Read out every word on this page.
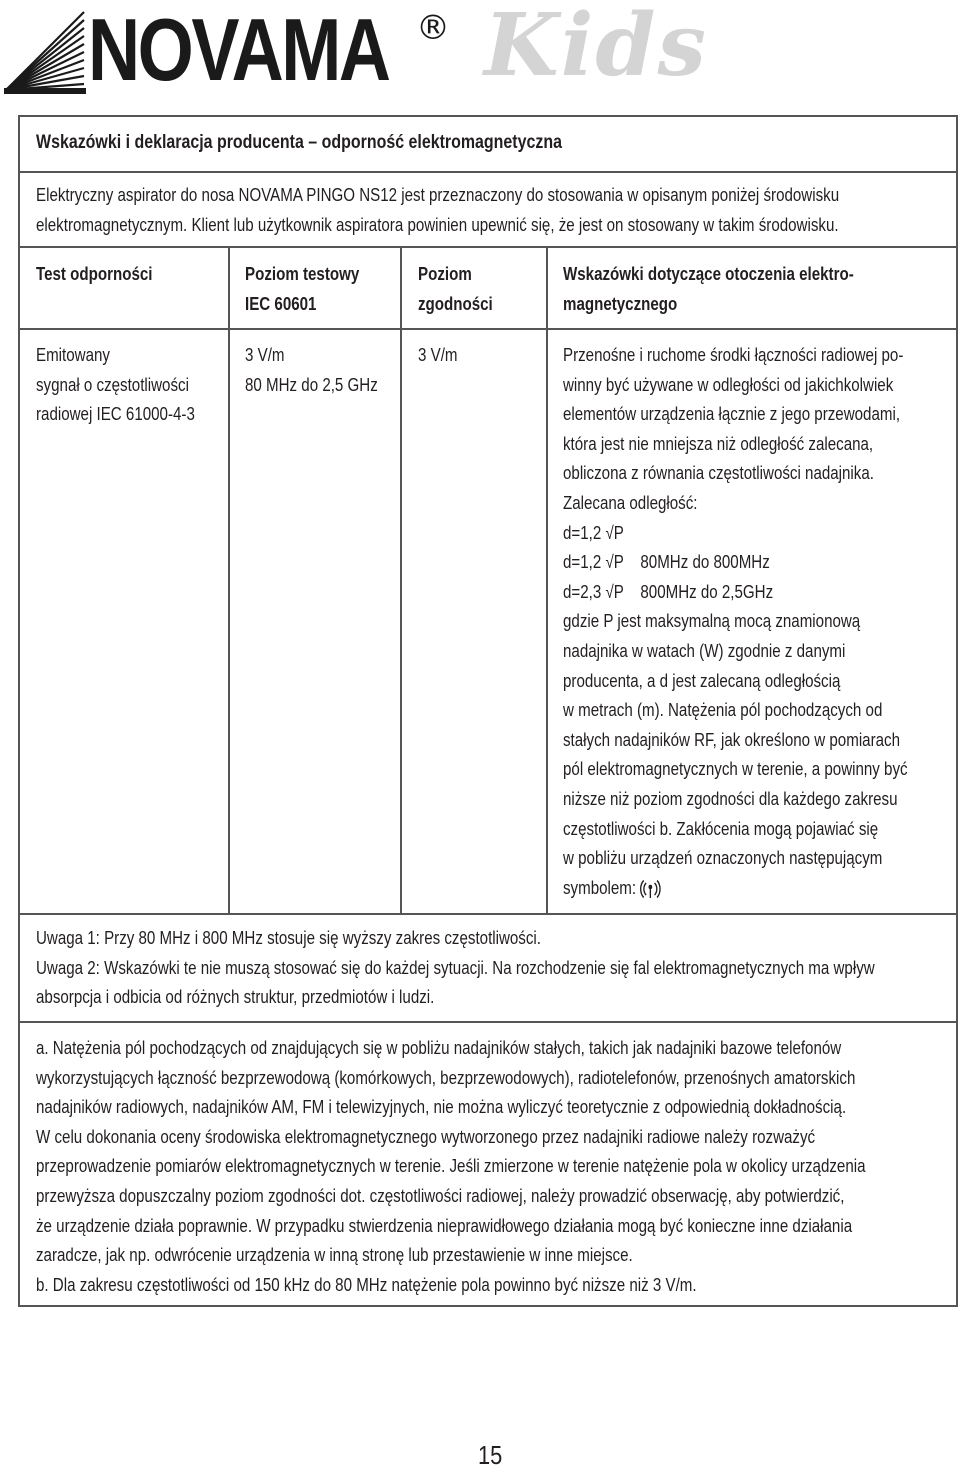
NOVAMA ® Kids
Wskazówki i deklaracja producenta – odporność elektromagnetyczna
Elektryczny aspirator do nosa NOVAMA PINGO NS12 jest przeznaczony do stosowania w opisanym poniżej środowisku
elektromagnetycznym. Klient lub użytkownik aspiratora powinien upewnić się, że jest on stosowany w takim środowisku.
Test odporności	Poziom testowy
IEC 60601
Poziom
zgodności
Wskazówki dotyczące otoczenia elektro-
magnetycznego
Emitowany
sygnał o częstotliwości
radiowej IEC 61000-4-3
3 V/m
80 MHz do 2,5 GHz
3 V/m	Przenośne i ruchome środki łączności radiowej po-
winny być używane w odległości od jakichkolwiek
elementów urządzenia łącznie z jego przewodami,
która jest nie mniejsza niż odległość zalecana,
obliczona z równania częstotliwości nadajnika.
Zalecana odległość:
d=1,2 √P
d=1,2 √P    80MHz do 800MHz
d=2,3 √P    800MHz do 2,5GHz
gdzie P jest maksymalną mocą znamionową
nadajnika w watach (W) zgodnie z danymi
producenta, a d jest zalecaną odległością
w metrach (m). Natężenia pól pochodzących od
stałych nadajników RF, jak określono w pomiarach
pól elektromagnetycznych w terenie, a powinny być
niższe niż poziom zgodności dla każdego zakresu
częstotliwości b. Zakłócenia mogą pojawiać się
w pobliżu urządzeń oznaczonych następującym
symbolem:
Uwaga 1: Przy 80 MHz i 800 MHz stosuje się wyższy zakres częstotliwości.
Uwaga 2: Wskazówki te nie muszą stosować się do każdej sytuacji. Na rozchodzenie się fal elektromagnetycznych ma wpływ
absorpcja i odbicia od różnych struktur, przedmiotów i ludzi.
a. Natężenia pól pochodzących od znajdujących się w pobliżu nadajników stałych, takich jak nadajniki bazowe telefonów
wykorzystujących łączność bezprzewodową (komórkowych, bezprzewodowych), radiotelefonów, przenośnych amatorskich
nadajników radiowych, nadajników AM, FM i telewizyjnych, nie można wyliczyć teoretycznie z odpowiednią dokładnością.
W celu dokonania oceny środowiska elektromagnetycznego wytworzonego przez nadajniki radiowe należy rozważyć
przeprowadzenie pomiarów elektromagnetycznych w terenie. Jeśli zmierzone w terenie natężenie pola w okolicy urządzenia
przewyższa dopuszczalny poziom zgodności dot. częstotliwości radiowej, należy prowadzić obserwację, aby potwierdzić,
że urządzenie działa poprawnie. W przypadku stwierdzenia nieprawidłowego działania mogą być konieczne inne działania
zaradcze, jak np. odwrócenie urządzenia w inną stronę lub przestawienie w inne miejsce.
b. Dla zakresu częstotliwości od 150 kHz do 80 MHz natężenie pola powinno być niższe niż 3 V/m.
15
